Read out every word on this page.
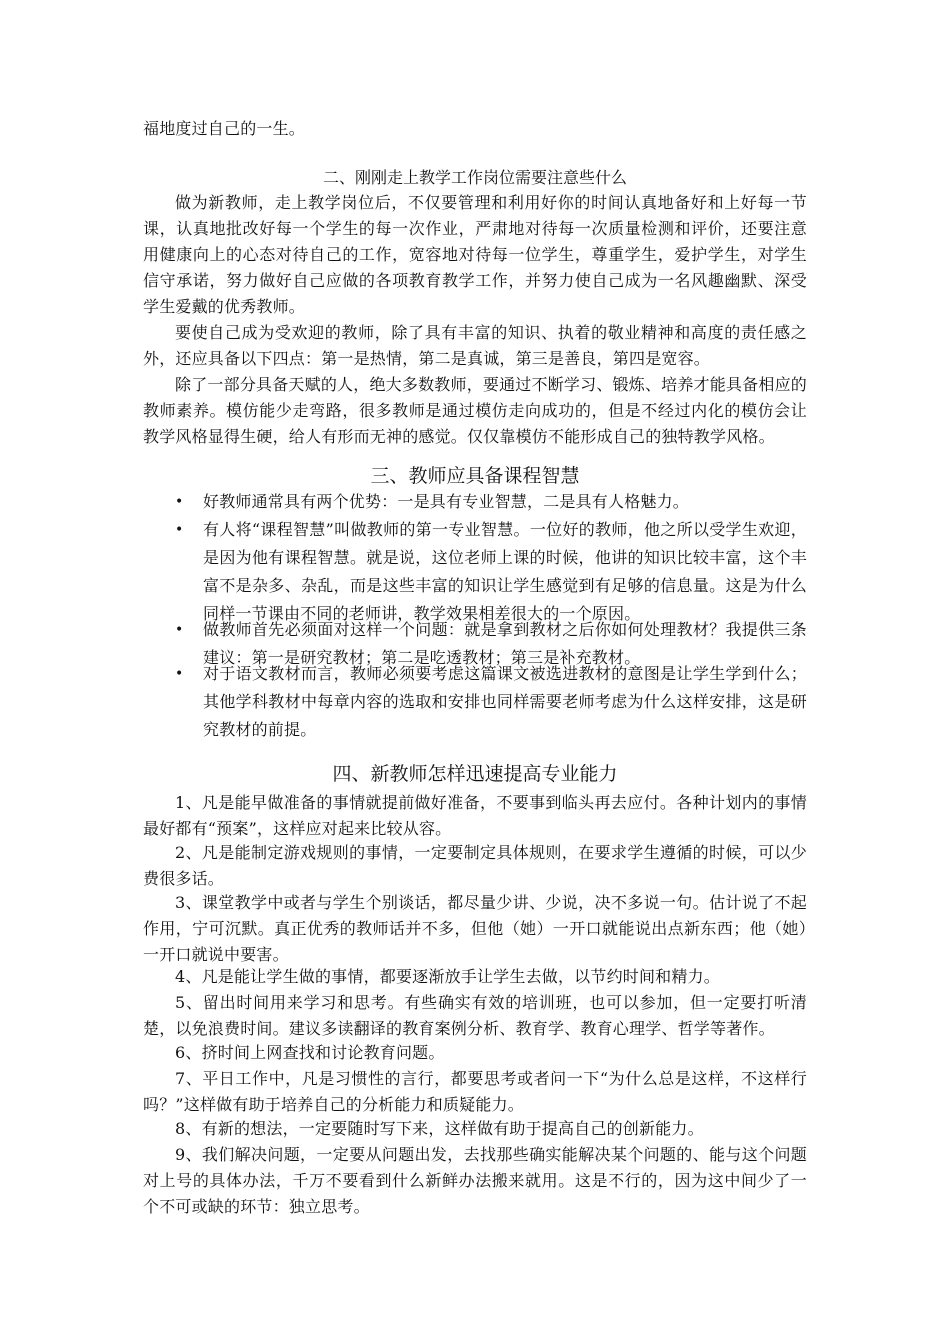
福地度过自己的一生。
二、刚刚走上教学工作岗位需要注意些什么
做为新教师，走上教学岗位后，不仅要管理和利用好你的时间认真地备好和上好每一节课，认真地批改好每一个学生的每一次作业，严肃地对待每一次质量检测和评价，还要注意用健康向上的心态对待自己的工作，宽容地对待每一位学生，尊重学生，爱护学生，对学生信守承诺，努力做好自己应做的各项教育教学工作，并努力使自己成为一名风趣幽默、深受学生爱戴的优秀教师。
要使自己成为受欢迎的教师，除了具有丰富的知识、执着的敬业精神和高度的责任感之外，还应具备以下四点：第一是热情，第二是真诚，第三是善良，第四是宽容。
除了一部分具备天赋的人，绝大多数教师，要通过不断学习、锻炼、培养才能具备相应的教师素养。模仿能少走弯路，很多教师是通过模仿走向成功的，但是不经过内化的模仿会让教学风格显得生硬，给人有形而无神的感觉。仅仅靠模仿不能形成自己的独特教学风格。
三、教师应具备课程智慧
• 好教师通常具有两个优势：一是具有专业智慧，二是具有人格魅力。
• 有人将“课程智慧”叫做教师的第一专业智慧。一位好的教师，他之所以受学生欢迎，是因为他有课程智慧。就是说，这位老师上课的时候，他讲的知识比较丰富，这个丰富不是杂多、杂乱，而是这些丰富的知识让学生感觉到有足够的信息量。这是为什么同样一节课由不同的老师讲，教学效果相差很大的一个原因。
• 做教师首先必须面对这样一个问题：就是拿到教材之后你如何处理教材？我提供三条建议：第一是研究教材；第二是吃透教材；第三是补充教材。
• 对于语文教材而言，教师必须要考虑这篇课文被选进教材的意图是让学生学到什么；其他学科教材中每章内容的选取和安排也同样需要老师考虑为什么这样安排，这是研究教材的前提。
四、新教师怎样迅速提高专业能力
1、凡是能早做准备的事情就提前做好准备，不要事到临头再去应付。各种计划内的事情最好都有“预案”，这样应对起来比较从容。
2、凡是能制定游戏规则的事情，一定要制定具体规则，在要求学生遵循的时候，可以少费很多话。
3、课堂教学中或者与学生个别谈话，都尽量少讲、少说，决不多说一句。估计说了不起作用，宁可沉默。真正优秀的教师话并不多，但他（她）一开口就能说出点新东西；他（她）一开口就说中要害。
4、凡是能让学生做的事情，都要逐渐放手让学生去做，以节约时间和精力。
5、留出时间用来学习和思考。有些确实有效的培训班，也可以参加，但一定要打听清楚，以免浪费时间。建议多读翻译的教育案例分析、教育学、教育心理学、哲学等著作。
6、挤时间上网查找和讨论教育问题。
7、平日工作中，凡是习惯性的言行，都要思考或者问一下“为什么总是这样，不这样行吗？”这样做有助于培养自己的分析能力和质疑能力。
8、有新的想法，一定要随时写下来，这样做有助于提高自己的创新能力。
9、我们解决问题，一定要从问题出发，去找那些确实能解决某个问题的、能与这个问题对上号的具体办法，千万不要看到什么新鲜办法搬来就用。这是不行的，因为这中间少了一个不可或缺的环节：独立思考。
